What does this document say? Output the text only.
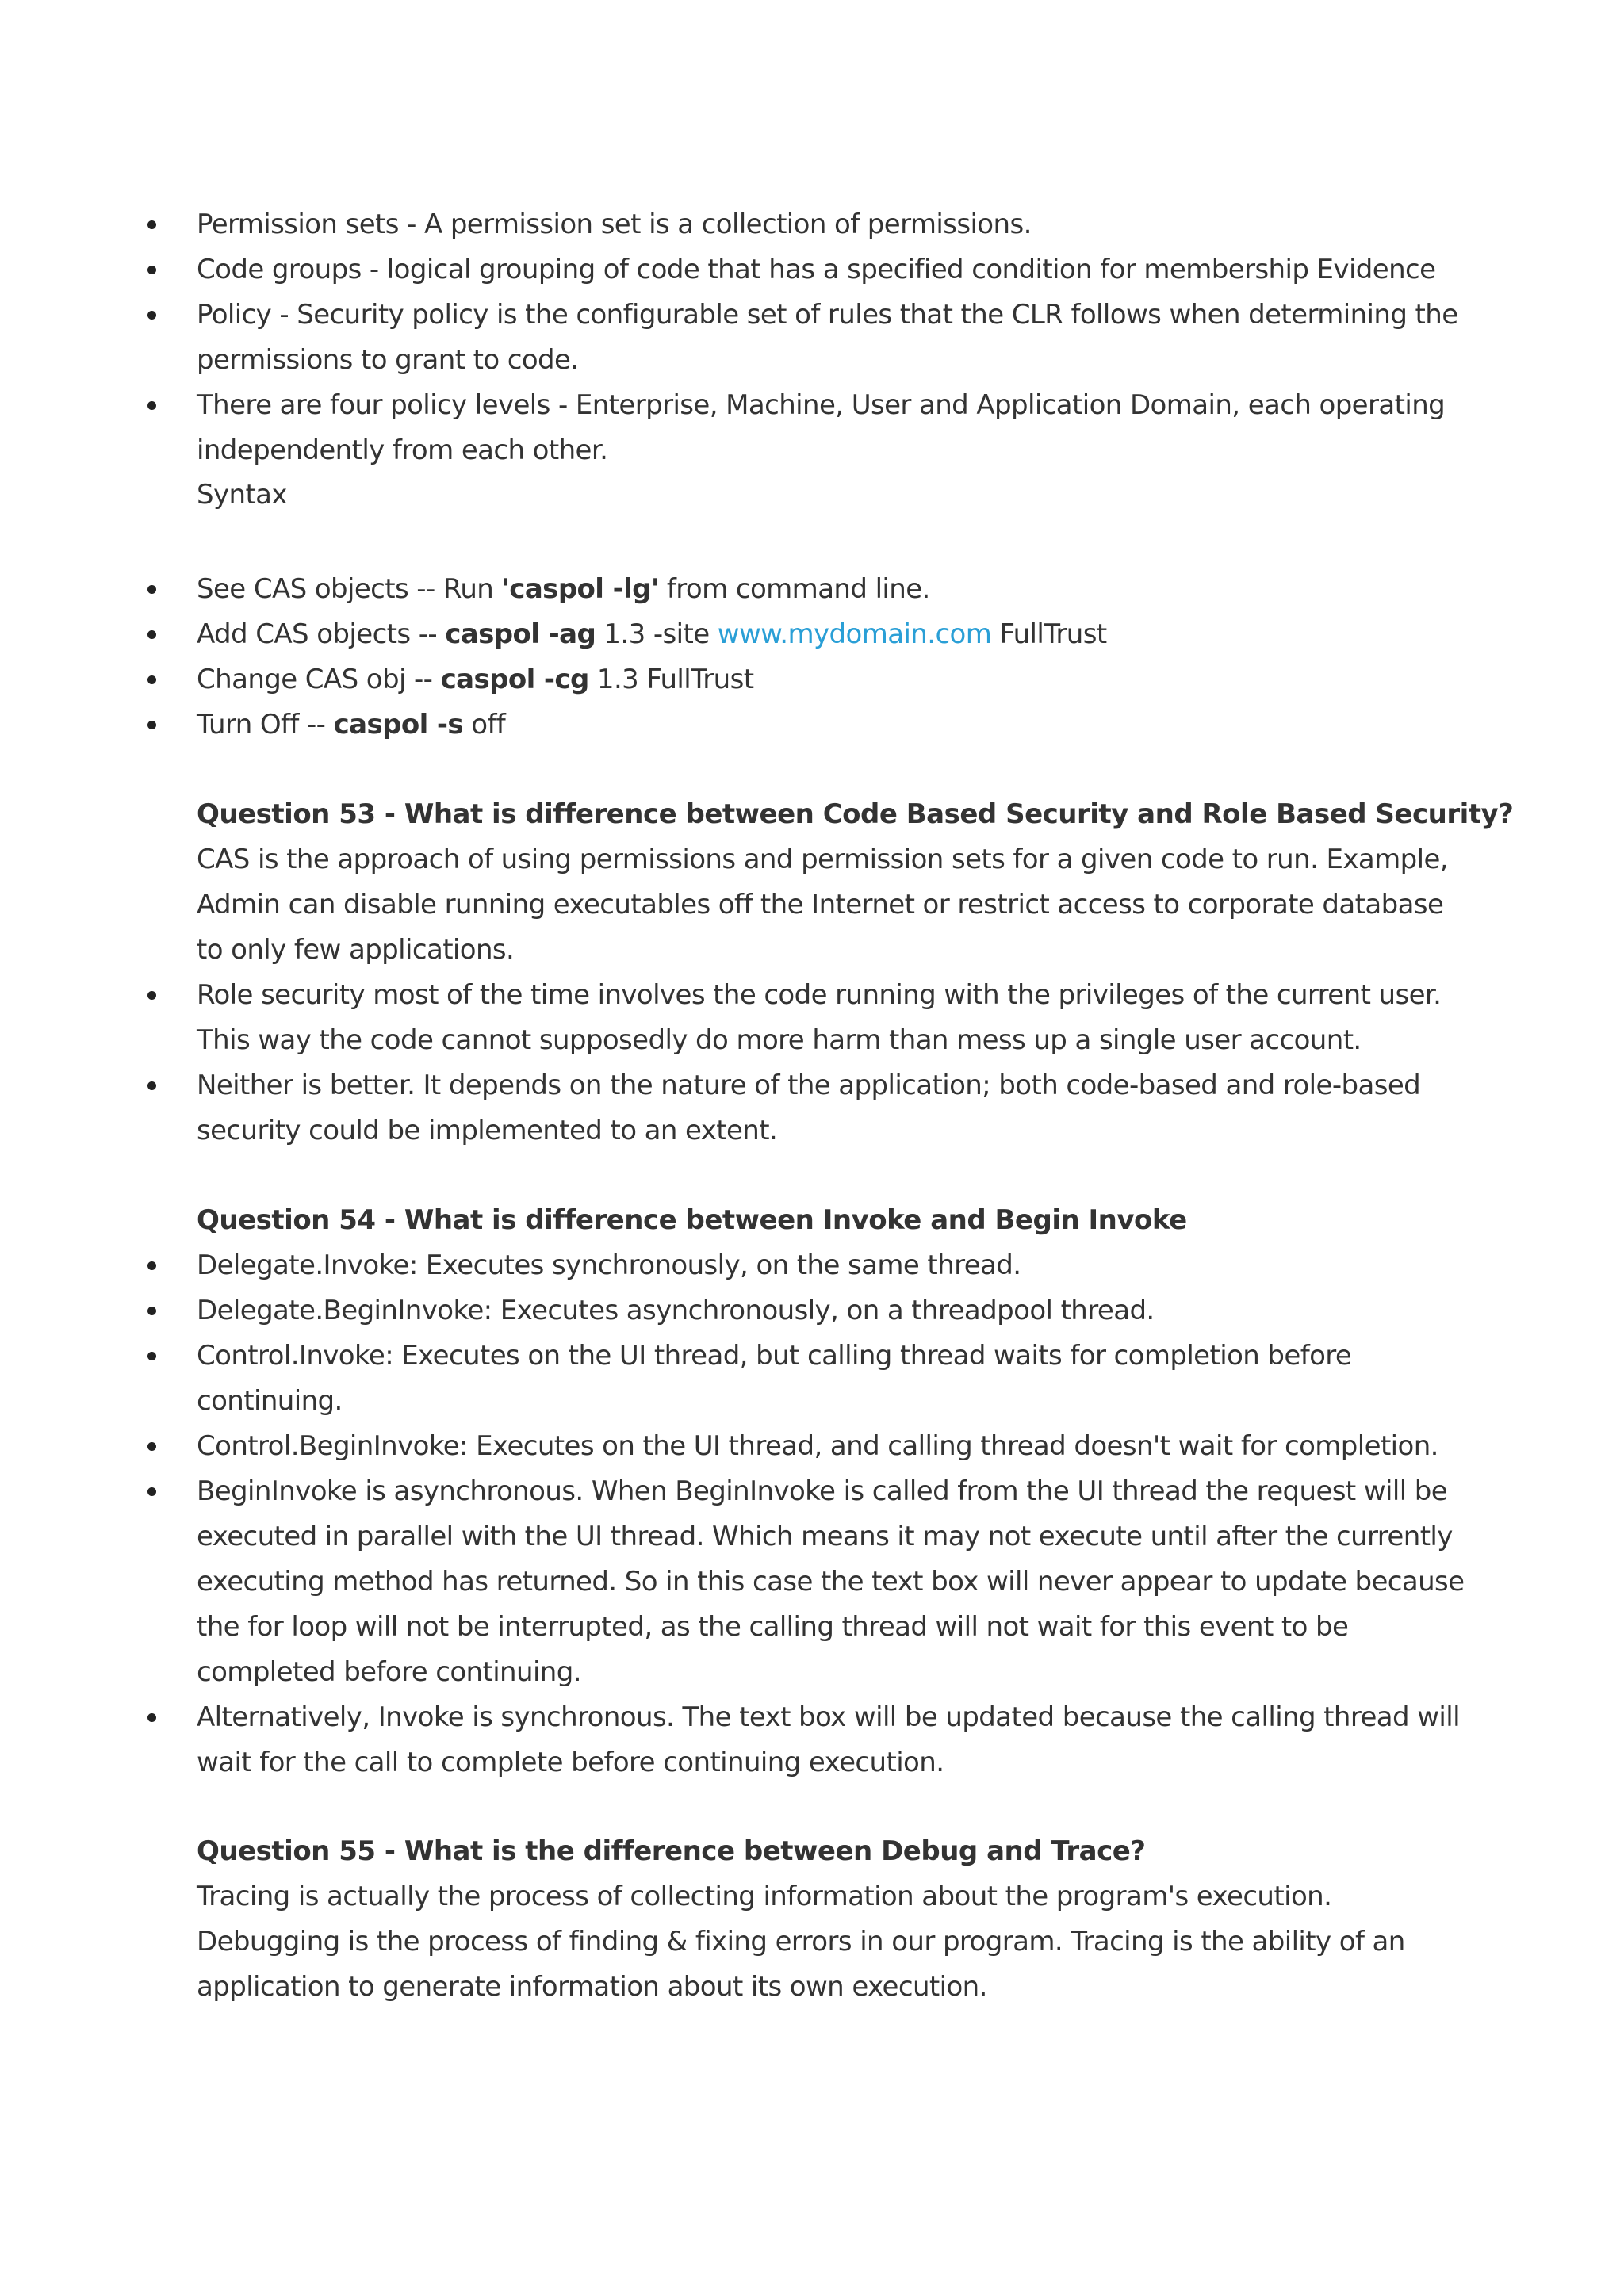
Permission sets - A permission set is a collection of permissions.
Code groups - logical grouping of code that has a specified condition for membership Evidence
Policy - Security policy is the configurable set of rules that the CLR follows when determining the
permissions to grant to code.
There are four policy levels - Enterprise, Machine, User and Application Domain, each operating
independently from each other.
Syntax
See CAS objects -- Run 'caspol -lg' from command line.
Add CAS objects -- caspol -ag 1.3 -site www.mydomain.com FullTrust
Change CAS obj -- caspol -cg 1.3 FullTrust
Turn Off -- caspol -s off
Question 53 - What is difference between Code Based Security and Role Based Security?
CAS is the approach of using permissions and permission sets for a given code to run. Example,
Admin can disable running executables off the Internet or restrict access to corporate database
to only few applications.
Role security most of the time involves the code running with the privileges of the current user.
This way the code cannot supposedly do more harm than mess up a single user account.
Neither is better. It depends on the nature of the application; both code-based and role-based
security could be implemented to an extent.
Question 54 - What is difference between Invoke and Begin Invoke
Delegate.Invoke: Executes synchronously, on the same thread.
Delegate.BeginInvoke: Executes asynchronously, on a threadpool thread.
Control.Invoke: Executes on the UI thread, but calling thread waits for completion before
continuing.
Control.BeginInvoke: Executes on the UI thread, and calling thread doesn't wait for completion.
BeginInvoke is asynchronous. When BeginInvoke is called from the UI thread the request will be
executed in parallel with the UI thread. Which means it may not execute until after the currently
executing method has returned. So in this case the text box will never appear to update because
the for loop will not be interrupted, as the calling thread will not wait for this event to be
completed before continuing.
Alternatively, Invoke is synchronous. The text box will be updated because the calling thread will
wait for the call to complete before continuing execution.
Question 55 - What is the difference between Debug and Trace?
Tracing is actually the process of collecting information about the program's execution.
Debugging is the process of finding & fixing errors in our program. Tracing is the ability of an
application to generate information about its own execution.
